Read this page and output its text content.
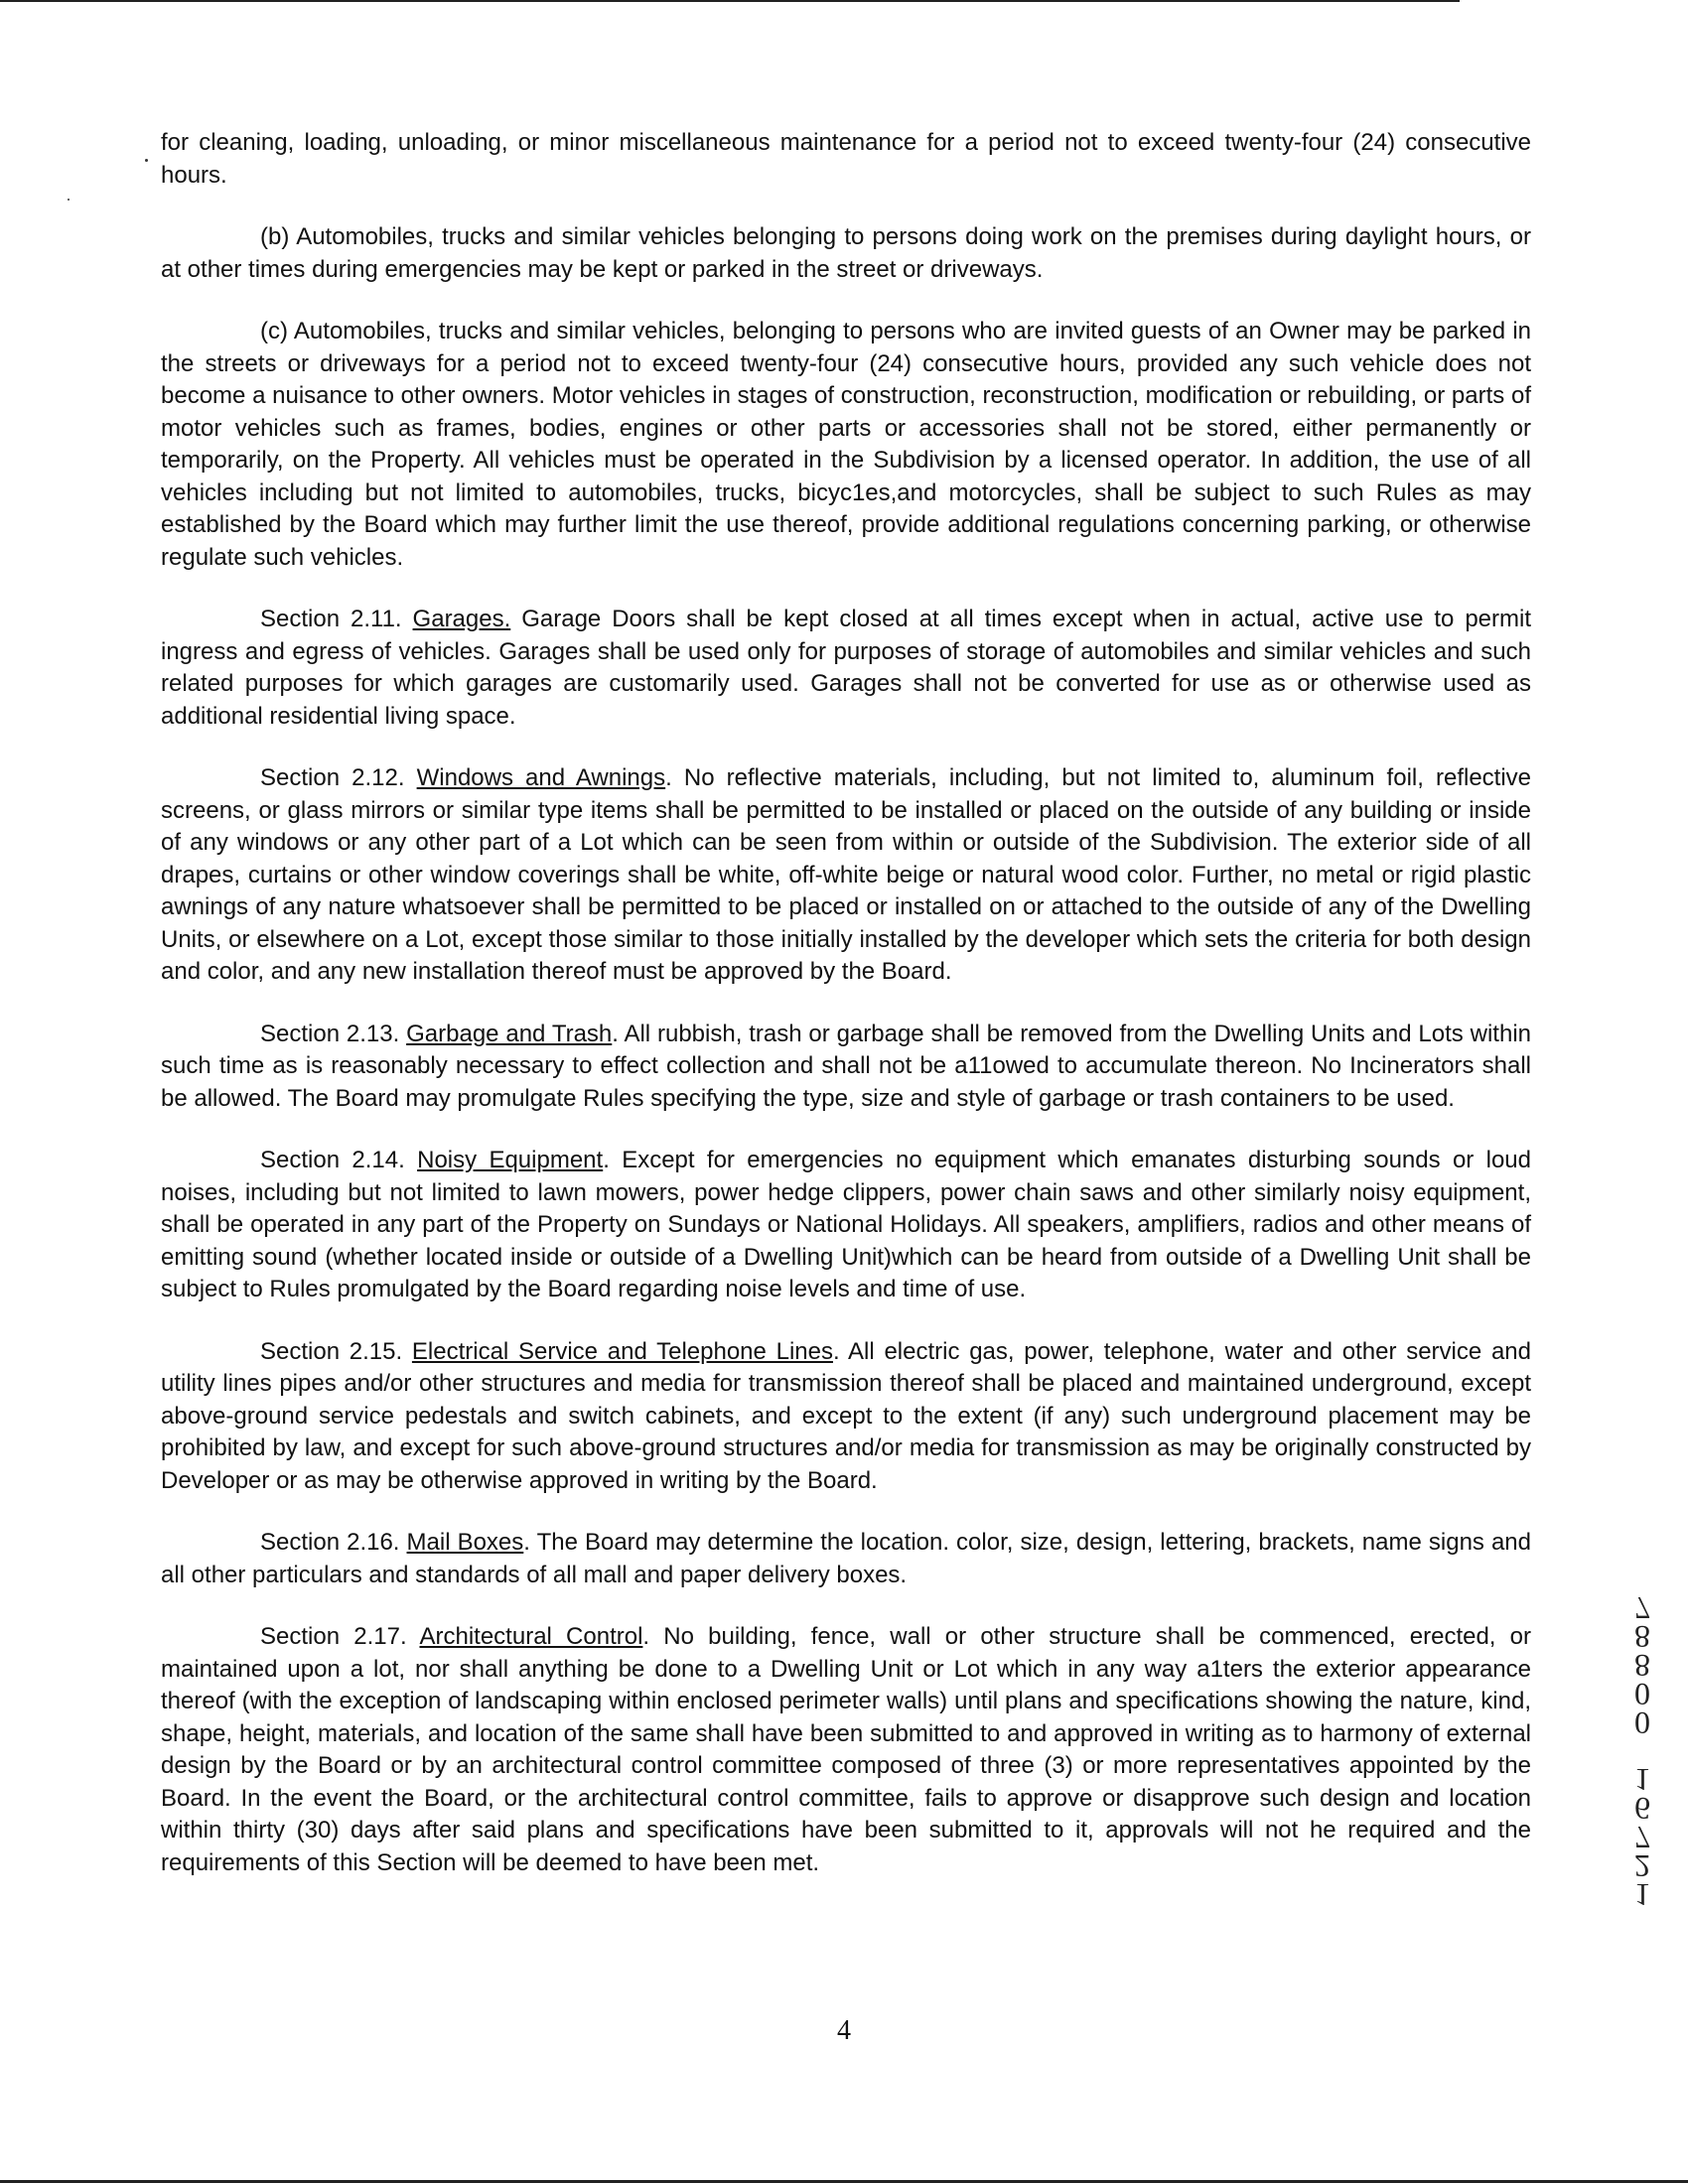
for cleaning, loading, unloading, or minor miscellaneous maintenance for a period not to exceed twenty-four (24) consecutive hours.

(b) Automobiles, trucks and similar vehicles belonging to persons doing work on the premises during daylight hours, or at other times during emergencies may be kept or parked in the street or driveways.

(c) Automobiles, trucks and similar vehicles, belonging to persons who are invited guests of an Owner may be parked in the streets or driveways for a period not to exceed twenty-four (24) consecutive hours, provided any such vehicle does not become a nuisance to other owners. Motor vehicles in stages of construction, reconstruction, modification or rebuilding, or parts of motor vehicles such as frames, bodies, engines or other parts or accessories shall not be stored, either permanently or temporarily, on the Property. All vehicles must be operated in the Subdivision by a licensed operator. In addition, the use of all vehicles including but not limited to automobiles, trucks, bicyc1es,and motorcycles, shall be subject to such Rules as may established by the Board which may further limit the use thereof, provide additional regulations concerning parking, or otherwise regulate such vehicles.

Section 2.11. Garages. Garage Doors shall be kept closed at all times except when in actual, active use to permit ingress and egress of vehicles. Garages shall be used only for purposes of storage of automobiles and similar vehicles and such related purposes for which garages are customarily used. Garages shall not be converted for use as or otherwise used as additional residential living space.

Section 2.12. Windows and Awnings. No reflective materials, including, but not limited to, aluminum foil, reflective screens, or glass mirrors or similar type items shall be permitted to be installed or placed on the outside of any building or inside of any windows or any other part of a Lot which can be seen from within or outside of the Subdivision. The exterior side of all drapes, curtains or other window coverings shall be white, off-white beige or natural wood color. Further, no metal or rigid plastic awnings of any nature whatsoever shall be permitted to be placed or installed on or attached to the outside of any of the Dwelling Units, or elsewhere on a Lot, except those similar to those initially installed by the developer which sets the criteria for both design and color, and any new installation thereof must be approved by the Board.

Section 2.13. Garbage and Trash. All rubbish, trash or garbage shall be removed from the Dwelling Units and Lots within such time as is reasonably necessary to effect collection and shall not be a11owed to accumulate thereon. No Incinerators shall be allowed. The Board may promulgate Rules specifying the type, size and style of garbage or trash containers to be used.

Section 2.14. Noisy Equipment. Except for emergencies no equipment which emanates disturbing sounds or loud noises, including but not limited to lawn mowers, power hedge clippers, power chain saws and other similarly noisy equipment, shall be operated in any part of the Property on Sundays or National Holidays. All speakers, amplifiers, radios and other means of emitting sound (whether located inside or outside of a Dwelling Unit)which can be heard from outside of a Dwelling Unit shall be subject to Rules promulgated by the Board regarding noise levels and time of use.

Section 2.15. Electrical Service and Telephone Lines. All electric gas, power, telephone, water and other service and utility lines pipes and/or other structures and media for transmission thereof shall be placed and maintained underground, except above-ground service pedestals and switch cabinets, and except to the extent (if any) such underground placement may be prohibited by law, and except for such above-ground structures and/or media for transmission as may be originally constructed by Developer or as may be otherwise approved in writing by the Board.

Section 2.16. Mail Boxes. The Board may determine the location. color, size, design, lettering, brackets, name signs and all other particulars and standards of all mall and paper delivery boxes.

Section 2.17. Architectural Control. No building, fence, wall or other structure shall be commenced, erected, or maintained upon a lot, nor shall anything be done to a Dwelling Unit or Lot which in any way a1ters the exterior appearance thereof (with the exception of landscaping within enclosed perimeter walls) until plans and specifications showing the nature, kind, shape, height, materials, and location of the same shall have been submitted to and approved in writing as to harmony of external design by the Board or by an architectural control committee composed of three (3) or more representatives appointed by the Board. In the event the Board, or the architectural control committee, fails to approve or disapprove such design and location within thirty (30) days after said plans and specifications have been submitted to it, approvals will not he required and the requirements of this Section will be deemed to have been met.

4
1
2
7
6
1
0
0
8
8
7
